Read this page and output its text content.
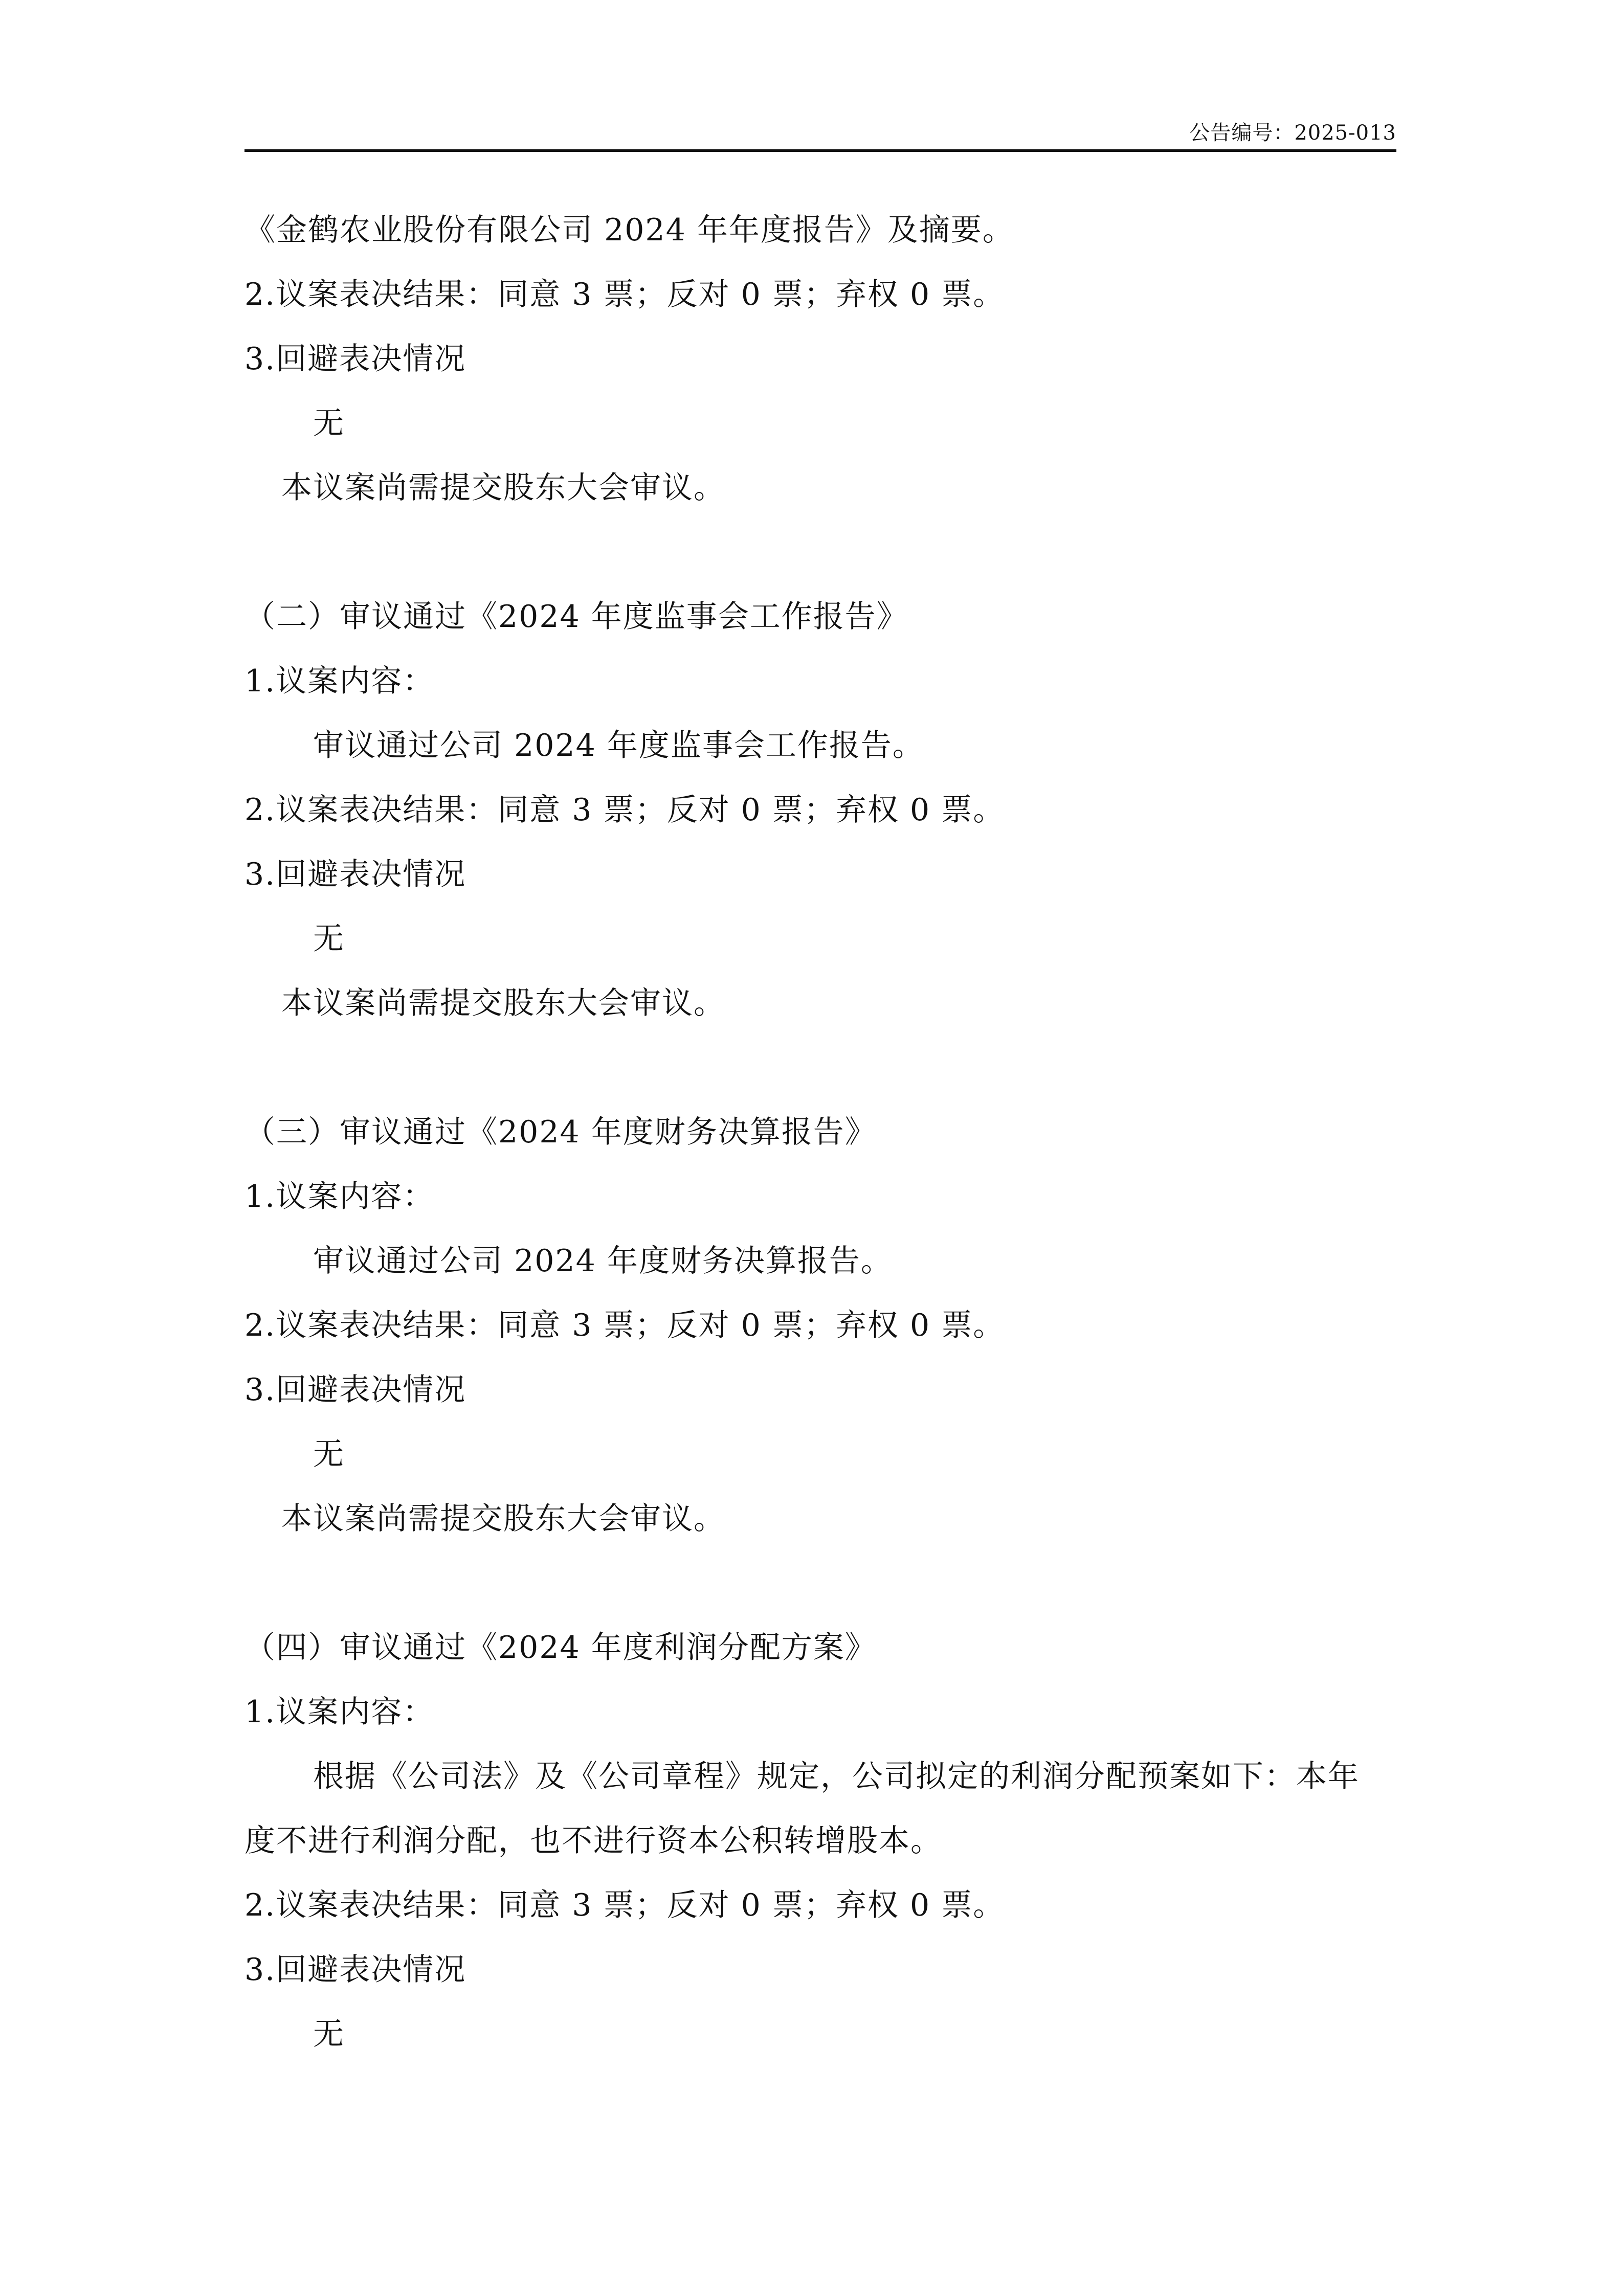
公告编号：2025-013
《金鹤农业股份有限公司 2024 年年度报告》及摘要。
2.议案表决结果：同意 3 票；反对 0 票；弃权 0 票。
3.回避表决情况
无
本议案尚需提交股东大会审议。
（二）审议通过《2024 年度监事会工作报告》
1.议案内容：
审议通过公司 2024 年度监事会工作报告。
2.议案表决结果：同意 3 票；反对 0 票；弃权 0 票。
3.回避表决情况
无
本议案尚需提交股东大会审议。
（三）审议通过《2024 年度财务决算报告》
1.议案内容：
审议通过公司 2024 年度财务决算报告。
2.议案表决结果：同意 3 票；反对 0 票；弃权 0 票。
3.回避表决情况
无
本议案尚需提交股东大会审议。
（四）审议通过《2024 年度利润分配方案》
1.议案内容：
根据《公司法》及《公司章程》规定，公司拟定的利润分配预案如下：本年
度不进行利润分配，也不进行资本公积转增股本。
2.议案表决结果：同意 3 票；反对 0 票；弃权 0 票。
3.回避表决情况
无
